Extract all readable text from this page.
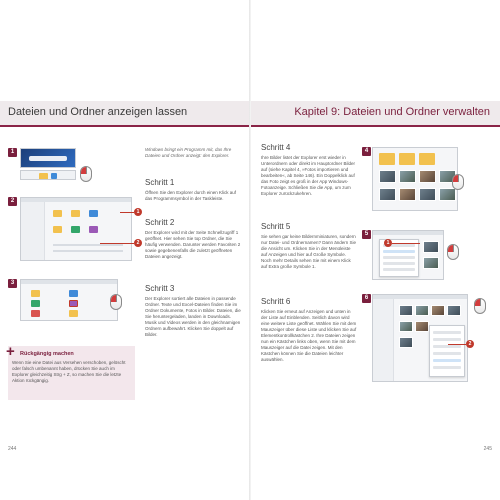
Dateien und Ordner anzeigen lassen	Kapitel 9: Dateien und Ordner verwalten
1	Windows bringt ein Programm mit, das Ihre Dateien und Ordner anzeigt: den Explorer.
Schritt 1
Öffnen Sie den Explorer durch einen Klick auf das Programmsymbol in der Taskleiste.
2
1
2
Schritt 2
Der Explorer wird mit der Seite Schnellzugriff 1 geöffnet. Hier sehen Sie top Ordner, die Sie häufig verwenden. Darunter werden Favoriten 2 sowie gegebenenfalls die zuletzt geöffneten Dateien angezeigt.
3
Schritt 3
Der Explorer sortiert alle Dateien in passende Ordner. Texte und Excel-Dateien finden Sie im Ordner Dokumente, Fotos in Bilder. Dateien, die Sie heruntergeladen, landen in Downloads. Musik und Videos werden in den gleichnamigen Ordnern aufbewahrt. Klicken Sie doppelt auf Bilder.
+ Rückgängig machen
Wenn Sie eine Datei aus Versehen verschoben, gelöscht oder falsch umbenannt haben, drücken Sie auch im Explorer gleichzeitig Strg + Z, so machen Sie die letzte Aktion rückgängig.
244
Schritt 4
Ihre Bilder listet der Explorer erst wieder in Unterordnern oder direkt im Hauptordner Bilder auf (siehe Kapitel 4, »Fotos importieren und bearbeiten«, ab Seite 146). Ein Doppelklick auf das Foto zeigt es groß in der App Windows-Fotoanzeige. Schließen Sie die App, um zum Explorer zurückzukehren.
4
Schritt 5
Sie sehen gar keine Bildernminiaturen, sondern nur Datei- und Ordnernamen? Dann ändern Sie die Ansicht um. Klicken Sie in der Menüleiste auf Anzeigen und hier auf Große Symbole. Noch mehr Details sehen Sie mit einem Klick auf Extra große Symbole 1.
5
1
Schritt 6
Klicken Sie erneut auf Anzeigen und unten in der Liste auf Einblenden. Seitlich davon wird eine weitere Liste geöffnet. Wählen Sie mit dem Mauszeiger über diese Liste und klicken Sie auf Elementkontrollkästchen 2. Ihre Dateien zeigen nun ein Kästchen links oben, wenn Sie mit dem Mauszeiger auf die Datei zeigen. Mit den Kästchen können Sie die Dateien leichter auswählen.
6
2
245
